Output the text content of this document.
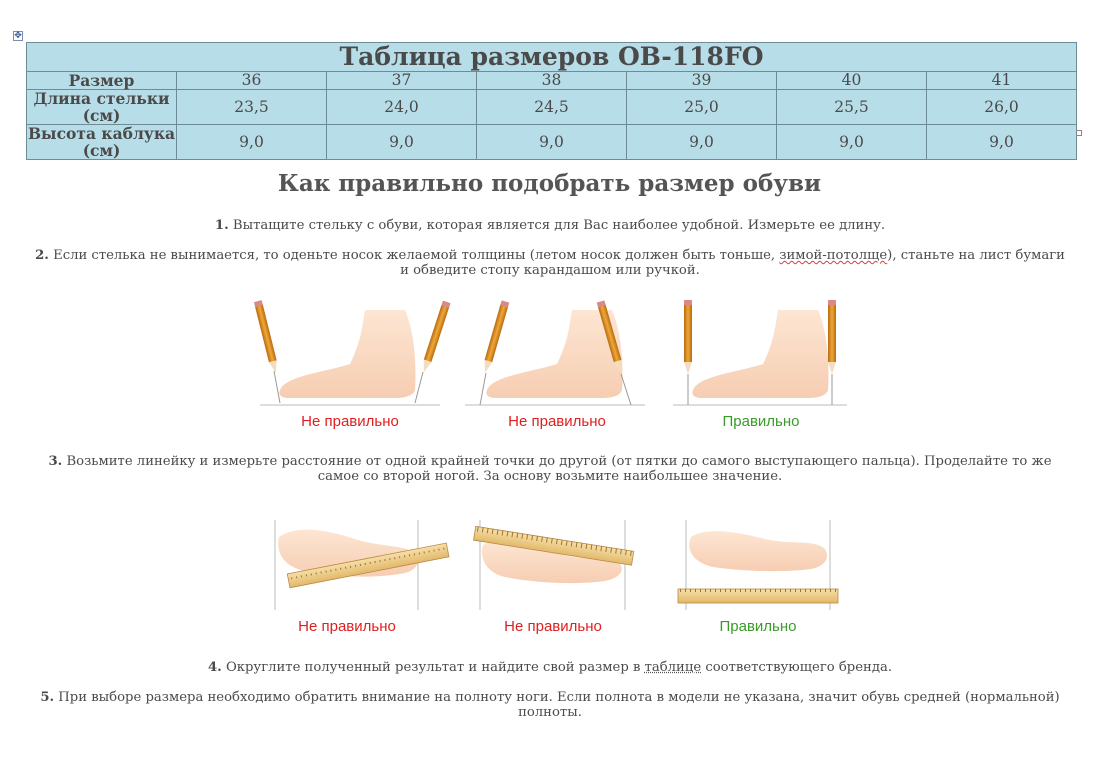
✥
Таблица размеров OB-118FO						
Размер	36	37	38	39	40	41
Длина стельки (см)	23,5	24,0	24,5	25,0	25,5	26,0
Высота каблука (см)	9,0	9,0	9,0	9,0	9,0	9,0
Как правильно подобрать размер обуви
1. Вытащите стельку с обуви, которая является для Вас наиболее удобной. Измерьте ее длину.
2. Если стелька не вынимается, то оденьте носок желаемой толщины (летом носок должен быть тоньше, зимой-потолще), станьте на лист бумаги и обведите стопу карандашом или ручкой.
Не правильно	Не правильно	Правильно
3. Возьмите линейку и измерьте расстояние от одной крайней точки до другой (от пятки до самого выступающего пальца). Проделайте то же самое со второй ногой. За основу возьмите наибольшее значение.
Не правильно	Не правильно	Правильно
4. Округлите полученный результат и найдите свой размер в таблице соответствующего бренда.
5. При выборе размера необходимо обратить внимание на полноту ноги. Если полнота в модели не указана, значит обувь средней (нормальной) полноты.
